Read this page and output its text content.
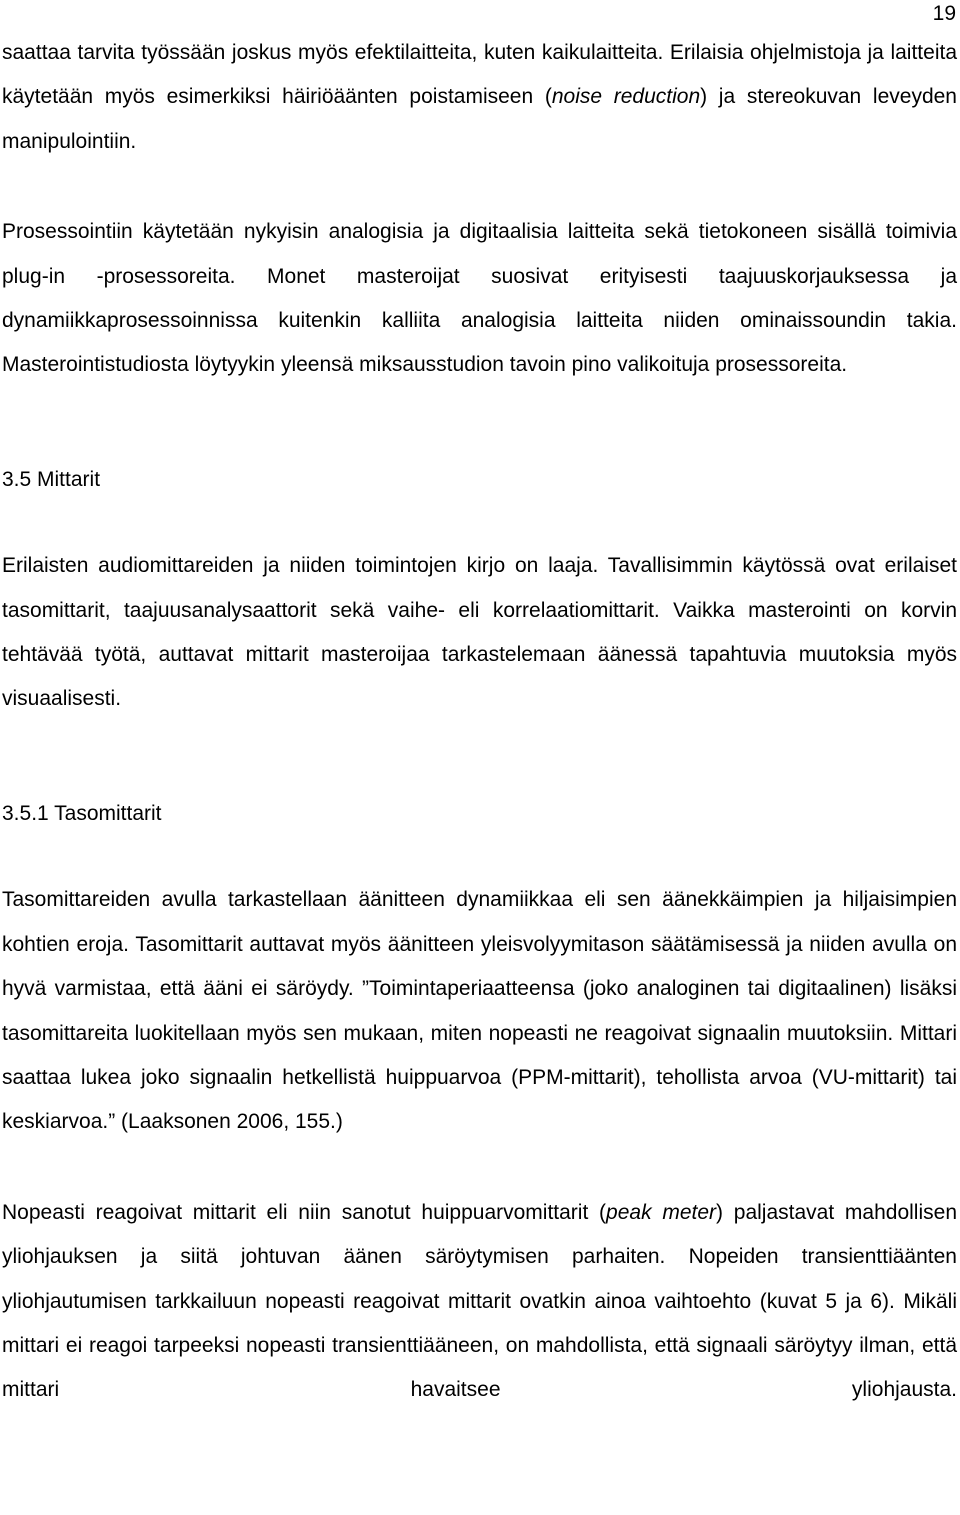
19

saattaa tarvita työssään joskus myös efektilaitteita, kuten kaikulaitteita. Erilaisia ohjelmistoja ja laitteita käytetään myös esimerkiksi häiriöäänten poistamiseen (noise reduction) ja stereokuvan leveyden manipulointiin.

Prosessointiin käytetään nykyisin analogisia ja digitaalisia laitteita sekä tietokoneen sisällä toimivia plug-in -prosessoreita. Monet masteroijat suosivat erityisesti taajuuskorjauksessa ja dynamiikkaprosessoinnissa kuitenkin kalliita analogisia laitteita niiden ominaissoundin takia. Masterointistudiosta löytyykin yleensä miksausstudion tavoin pino valikoituja prosessoreita.

3.5 Mittarit

Erilaisten audiomittareiden ja niiden toimintojen kirjo on laaja. Tavallisimmin käytössä ovat erilaiset tasomittarit, taajuusanalysaattorit sekä vaihe- eli korrelaatiomittarit. Vaikka masterointi on korvin tehtävää työtä, auttavat mittarit masteroijaa tarkastelemaan äänessä tapahtuvia muutoksia myös visuaalisesti.

3.5.1 Tasomittarit

Tasomittareiden avulla tarkastellaan äänitteen dynamiikkaa eli sen äänekkäimpien ja hiljaisimpien kohtien eroja. Tasomittarit auttavat myös äänitteen yleisvolyymitason säätämisessä ja niiden avulla on hyvä varmistaa, että ääni ei säröydy. ”Toimintaperiaatteensa (joko analoginen tai digitaalinen) lisäksi tasomittareita luokitellaan myös sen mukaan, miten nopeasti ne reagoivat signaalin muutoksiin. Mittari saattaa lukea joko signaalin hetkellistä huippuarvoa (PPM-mittarit), tehollista arvoa (VU-mittarit) tai keskiarvoa.” (Laaksonen 2006, 155.)

Nopeasti reagoivat mittarit eli niin sanotut huippuarvomittarit (peak meter) paljastavat mahdollisen yliohjauksen ja siitä johtuvan äänen säröytymisen parhaiten. Nopeiden transienttiäänten yliohjautumisen tarkkailuun nopeasti reagoivat mittarit ovatkin ainoa vaihtoehto (kuvat 5 ja 6). Mikäli mittari ei reagoi tarpeeksi nopeasti transienttiääneen, on mahdollista, että signaali säröytyy ilman, että mittari havaitsee yliohjausta.
